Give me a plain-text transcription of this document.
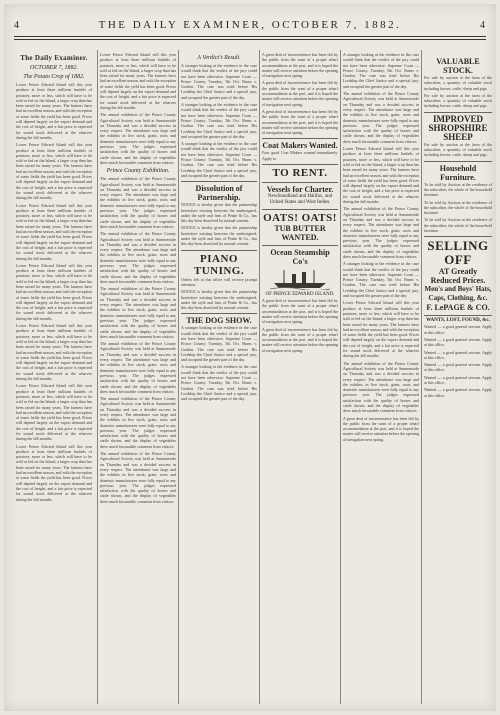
4	THE DAILY EXAMINER, OCTOBER 7, 1882.	4
The Daily Examiner.
OCTOBER 7, 1882.
The Potato Crop of 1882.

Lower Prince Edward Island will this year produce at least three millions bushels of potatoes, more or less, which will have to be sold or fed on the Island, a larger crop than has been raised for many years. The farmers have had an excellent season, and with the exception of some fields the yield has been good. Prices will depend largely on the export demand and the cost of freight, and a fair price is expected for sound stock delivered at the wharves during the fall months.

Lower Prince Edward Island will this year produce at least three millions bushels of potatoes, more or less, which will have to be sold or fed on the Island, a larger crop than has been raised for many years. The farmers have had an excellent season, and with the exception of some fields the yield has been good. Prices will depend largely on the export demand and the cost of freight, and a fair price is expected for sound stock delivered at the wharves during the fall months.

Lower Prince Edward Island will this year produce at least three millions bushels of potatoes, more or less, which will have to be sold or fed on the Island, a larger crop than has been raised for many years. The farmers have had an excellent season, and with the exception of some fields the yield has been good. Prices will depend largely on the export demand and the cost of freight, and a fair price is expected for sound stock delivered at the wharves during the fall months.

Lower Prince Edward Island will this year produce at least three millions bushels of potatoes, more or less, which will have to be sold or fed on the Island, a larger crop than has been raised for many years. The farmers have had an excellent season, and with the exception of some fields the yield has been good. Prices will depend largely on the export demand and the cost of freight, and a fair price is expected for sound stock delivered at the wharves during the fall months.

Lower Prince Edward Island will this year produce at least three millions bushels of potatoes, more or less, which will have to be sold or fed on the Island, a larger crop than has been raised for many years. The farmers have had an excellent season, and with the exception of some fields the yield has been good. Prices will depend largely on the export demand and the cost of freight, and a fair price is expected for sound stock delivered at the wharves during the fall months.

Lower Prince Edward Island will this year produce at least three millions bushels of potatoes, more or less, which will have to be sold or fed on the Island, a larger crop than has been raised for many years. The farmers have had an excellent season, and with the exception of some fields the yield has been good. Prices will depend largely on the export demand and the cost of freight, and a fair price is expected for sound stock delivered at the wharves during the fall months.

Lower Prince Edward Island will this year produce at least three millions bushels of potatoes, more or less, which will have to be sold or fed on the Island, a larger crop than has been raised for many years. The farmers have had an excellent season, and with the exception of some fields the yield has been good. Prices will depend largely on the export demand and the cost of freight, and a fair price is expected for sound stock delivered at the wharves during the fall months.

Lower Prince Edward Island will this year produce at least three millions bushels of potatoes, more or less, which will have to be sold or fed on the Island, a larger crop than has been raised for many years. The farmers have had an excellent season, and with the exception of some fields the yield has been good. Prices will depend largely on the export demand and the cost of freight, and a fair price is expected for sound stock delivered at the wharves during the fall months.

The annual exhibition of the Prince County Agricultural Society was held at Summerside on Thursday and was a decided success in every respect. The attendance was large and the exhibits in live stock, grain, roots and domestic manufactures were fully equal to any previous year. The judges expressed satisfaction with the quality of horses and cattle shown, and the display of vegetables drew much favourable comment from visitors.

Prince County Exhibition.

The annual exhibition of the Prince County Agricultural Society was held at Summerside on Thursday and was a decided success in every respect. The attendance was large and the exhibits in live stock, grain, roots and domestic manufactures were fully equal to any previous year. The judges expressed satisfaction with the quality of horses and cattle shown, and the display of vegetables drew much favourable comment from visitors.

The annual exhibition of the Prince County Agricultural Society was held at Summerside on Thursday and was a decided success in every respect. The attendance was large and the exhibits in live stock, grain, roots and domestic manufactures were fully equal to any previous year. The judges expressed satisfaction with the quality of horses and cattle shown, and the display of vegetables drew much favourable comment from visitors.

The annual exhibition of the Prince County Agricultural Society was held at Summerside on Thursday and was a decided success in every respect. The attendance was large and the exhibits in live stock, grain, roots and domestic manufactures were fully equal to any previous year. The judges expressed satisfaction with the quality of horses and cattle shown, and the display of vegetables drew much favourable comment from visitors.

The annual exhibition of the Prince County Agricultural Society was held at Summerside on Thursday and was a decided success in every respect. The attendance was large and the exhibits in live stock, grain, roots and domestic manufactures were fully equal to any previous year. The judges expressed satisfaction with the quality of horses and cattle shown, and the display of vegetables drew much favourable comment from visitors.

The annual exhibition of the Prince County Agricultural Society was held at Summerside on Thursday and was a decided success in every respect. The attendance was large and the exhibits in live stock, grain, roots and domestic manufactures were fully equal to any previous year. The judges expressed satisfaction with the quality of horses and cattle shown, and the display of vegetables drew much favourable comment from visitors.

The annual exhibition of the Prince County Agricultural Society was held at Summerside on Thursday and was a decided success in every respect. The attendance was large and the exhibits in live stock, grain, roots and domestic manufactures were fully equal to any previous year. The judges expressed satisfaction with the quality of horses and cattle shown, and the display of vegetables drew much favourable comment from visitors.

A Verdict's Result.

A stranger looking at the evidence in the case would think that the verdict of the jury could not have been otherwise. Supreme Court — Prince County. Tuesday, 5th Oct. Burns v. Gordon. The case was tried before His Lordship the Chief Justice and a special jury, and occupied the greater part of the day.

A stranger looking at the evidence in the case would think that the verdict of the jury could not have been otherwise. Supreme Court — Prince County. Tuesday, 5th Oct. Burns v. Gordon. The case was tried before His Lordship the Chief Justice and a special jury, and occupied the greater part of the day.

A stranger looking at the evidence in the case would think that the verdict of the jury could not have been otherwise. Supreme Court — Prince County. Tuesday, 5th Oct. Burns v. Gordon. The case was tried before His Lordship the Chief Justice and a special jury, and occupied the greater part of the day.

Dissolution of Partnership.

NOTICE is hereby given that the partnership heretofore existing between the undersigned, under the style and firm of Peake & Co., has this day been dissolved by mutual consent.

NOTICE is hereby given that the partnership heretofore existing between the undersigned, under the style and firm of Peake & Co., has this day been dissolved by mutual consent.

PIANO TUNING.

Orders left at this office will receive prompt attention.

NOTICE is hereby given that the partnership heretofore existing between the undersigned, under the style and firm of Peake & Co., has this day been dissolved by mutual consent.

THE DOG SHOW.

A stranger looking at the evidence in the case would think that the verdict of the jury could not have been otherwise. Supreme Court — Prince County. Tuesday, 5th Oct. Burns v. Gordon. The case was tried before His Lordship the Chief Justice and a special jury, and occupied the greater part of the day.

A stranger looking at the evidence in the case would think that the verdict of the jury could not have been otherwise. Supreme Court — Prince County. Tuesday, 5th Oct. Burns v. Gordon. The case was tried before His Lordship the Chief Justice and a special jury, and occupied the greater part of the day.

A great deal of inconvenience has been felt by the public from the want of a proper wharf accommodation at the port, and it is hoped the matter will receive attention before the opening of navigation next spring.

A great deal of inconvenience has been felt by the public from the want of a proper wharf accommodation at the port, and it is hoped the matter will receive attention before the opening of navigation next spring.

A great deal of inconvenience has been felt by the public from the want of a proper wharf accommodation at the port, and it is hoped the matter will receive attention before the opening of navigation next spring.

Coat Makers Wanted.

Four good Coat Makers wanted immediately. Apply to

TO RENT.
Vessels for Charter.
Newfoundland and Halifax, and United States and West Indies.
OATS! OATS!
TUB BUTTER WANTED.
Ocean Steamship Co's
OF PRINCE EDWARD ISLAND.

A great deal of inconvenience has been felt by the public from the want of a proper wharf accommodation at the port, and it is hoped the matter will receive attention before the opening of navigation next spring.

A great deal of inconvenience has been felt by the public from the want of a proper wharf accommodation at the port, and it is hoped the matter will receive attention before the opening of navigation next spring.

A stranger looking at the evidence in the case would think that the verdict of the jury could not have been otherwise. Supreme Court — Prince County. Tuesday, 5th Oct. Burns v. Gordon. The case was tried before His Lordship the Chief Justice and a special jury, and occupied the greater part of the day.

The annual exhibition of the Prince County Agricultural Society was held at Summerside on Thursday and was a decided success in every respect. The attendance was large and the exhibits in live stock, grain, roots and domestic manufactures were fully equal to any previous year. The judges expressed satisfaction with the quality of horses and cattle shown, and the display of vegetables drew much favourable comment from visitors.

Lower Prince Edward Island will this year produce at least three millions bushels of potatoes, more or less, which will have to be sold or fed on the Island, a larger crop than has been raised for many years. The farmers have had an excellent season, and with the exception of some fields the yield has been good. Prices will depend largely on the export demand and the cost of freight, and a fair price is expected for sound stock delivered at the wharves during the fall months.

The annual exhibition of the Prince County Agricultural Society was held at Summerside on Thursday and was a decided success in every respect. The attendance was large and the exhibits in live stock, grain, roots and domestic manufactures were fully equal to any previous year. The judges expressed satisfaction with the quality of horses and cattle shown, and the display of vegetables drew much favourable comment from visitors.

A stranger looking at the evidence in the case would think that the verdict of the jury could not have been otherwise. Supreme Court — Prince County. Tuesday, 5th Oct. Burns v. Gordon. The case was tried before His Lordship the Chief Justice and a special jury, and occupied the greater part of the day.

Lower Prince Edward Island will this year produce at least three millions bushels of potatoes, more or less, which will have to be sold or fed on the Island, a larger crop than has been raised for many years. The farmers have had an excellent season, and with the exception of some fields the yield has been good. Prices will depend largely on the export demand and the cost of freight, and a fair price is expected for sound stock delivered at the wharves during the fall months.

The annual exhibition of the Prince County Agricultural Society was held at Summerside on Thursday and was a decided success in every respect. The attendance was large and the exhibits in live stock, grain, roots and domestic manufactures were fully equal to any previous year. The judges expressed satisfaction with the quality of horses and cattle shown, and the display of vegetables drew much favourable comment from visitors.

A great deal of inconvenience has been felt by the public from the want of a proper wharf accommodation at the port, and it is hoped the matter will receive attention before the opening of navigation next spring.

VALUABLE STOCK.

For sale by auction at the farm of the subscriber, a quantity of valuable stock including horses, cattle, sheep and pigs.

For sale by auction at the farm of the subscriber, a quantity of valuable stock including horses, cattle, sheep and pigs.

IMPROVED SHROPSHIRE SHEEP

For sale by auction at the farm of the subscriber, a quantity of valuable stock including horses, cattle, sheep and pigs.

Household Furniture.

To be sold by Auction at the residence of the subscriber, the whole of the household furniture.

To be sold by Auction at the residence of the subscriber, the whole of the household furniture.

To be sold by Auction at the residence of the subscriber, the whole of the household furniture.

SELLING OFF
AT Greatly Reduced Prices.
Men's and Boys' Hats, Caps, Clothing, &c.
F. LePAGE & CO.
WANTS, LOST, FOUND, &c.

Wanted — a good general servant. Apply at this office.

Wanted — a good general servant. Apply at this office.

Wanted — a good general servant. Apply at this office.

Wanted — a good general servant. Apply at this office.

Wanted — a good general servant. Apply at this office.

Wanted — a good general servant. Apply at this office.
